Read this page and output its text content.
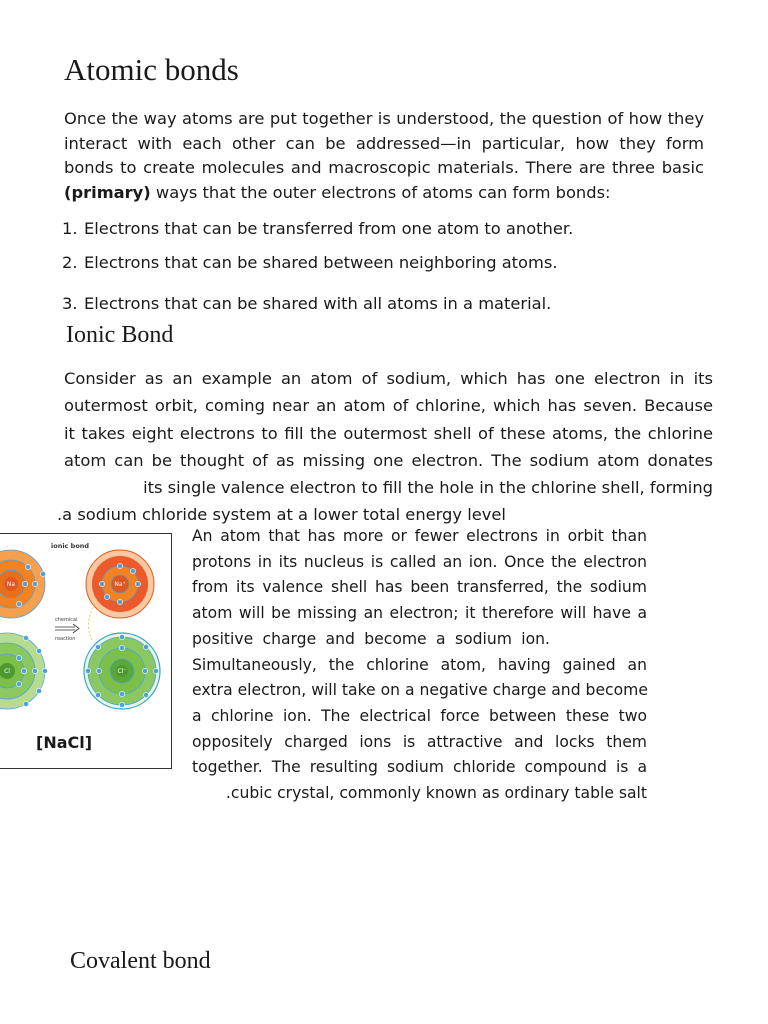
Atomic bonds
Once the way atoms are put together is understood, the question of how they interact with each other can be addressed—in particular, how they form bonds to create molecules and macroscopic materials. There are three basic (primary) ways that the outer electrons of atoms can form bonds:
1. Electrons that can be transferred from one atom to another.
2. Electrons that can be shared between neighboring atoms.
3. Electrons that can be shared with all atoms in a material.
Ionic Bond
Consider as an example an atom of sodium, which has one electron in its
outermost orbit, coming near an atom of chlorine, which has seven. Because
it takes eight electrons to fill the outermost shell of these atoms, the chlorine
atom can be thought of as missing one electron. The sodium atom donates
its single valence electron to fill the hole in the chlorine shell, forming
.a sodium chloride system at a lower total energy level
ionic bond
Na	Na⁺
chemical
reaction
Cl	Cl⁻
[NaCl]
An atom that has more or fewer electrons in orbit than
protons in its nucleus is called an ion. Once the electron
from its valence shell has been transferred, the sodium
atom will be missing an electron; it therefore will have a
positive charge and become a sodium ion.
Simultaneously, the chlorine atom, having gained an
extra electron, will take on a negative charge and become
a chlorine ion. The electrical force between these two
oppositely charged ions is attractive and locks them
together. The resulting sodium chloride compound is a
.cubic crystal, commonly known as ordinary table salt
Covalent bond
